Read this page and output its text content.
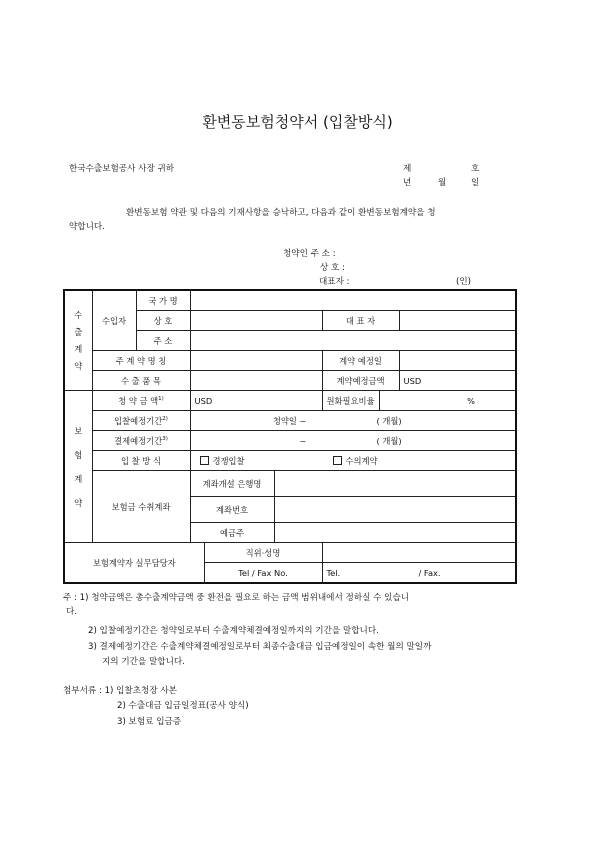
환변동보험청약서 (입찰방식)
한국수출보험공사 사장 귀하	제	호
년	월	일
환변동보험 약관 및 다음의 기재사항을 승낙하고, 다음과 같이 환변동보험계약을 청
약합니다.
청약인 주 소 :
상 호 :
대표자 :	(인)
수
출
계
약	수입자	국 가 명						
		상 호				대 표 자		
		주 소						
	주 계 약 명 칭					계약 예정일		
	수 출 품 목					계약예정금액		USD

보
험
계
약	청 약 금 액$^{1)}$		USD			원화필요비율	%	
	입찰예정기간$^{2)}$		청약일 ~ ( 개월)					
	결제예정기간$^{3)}$		~ ( 개월)					
	입 찰 방 식		경쟁입찰 수의계약					
	보험금 수취계좌		계좌개설 은행명					
			계좌번호					
			예금주					
보험계약자 실무담당자				직위·성명				
				Tel / Fax No.		Tel. / Fax.		
주 : 1) 청약금액은 총수출계약금액 중 환전을 필요로 하는 금액 범위내에서 정하실 수 있습니
다.
2) 입찰예정기간은 청약일로부터 수출계약체결예정일까지의 기간을 말합니다.
3) 결제예정기간은 수출계약체결예정일로부터 최종수출대금 입금예정일이 속한 월의 말일까
지의 기간을 말합니다.
첨부서류 : 1) 입찰초청장 사본
2) 수출대금 입금일정표(공사 양식)
3) 보험료 입금증
